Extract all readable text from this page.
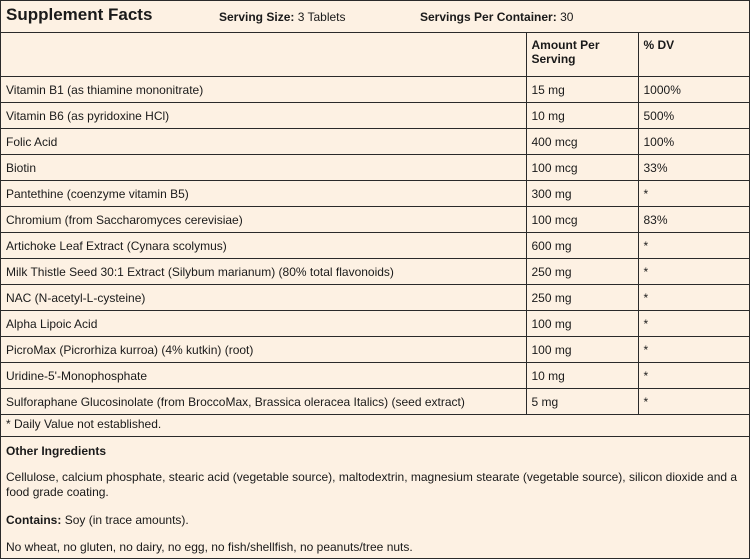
Supplement Facts	Serving Size: 3 Tablets	Servings Per Container: 30
	Amount Per Serving	% DV
Vitamin B1 (as thiamine mononitrate)	15 mg	1000%
Vitamin B6 (as pyridoxine HCl)	10 mg	500%
Folic Acid	400 mcg	100%
Biotin	100 mcg	33%
Pantethine (coenzyme vitamin B5)	300 mg	*
Chromium (from Saccharomyces cerevisiae)	100 mcg	83%
Artichoke Leaf Extract (Cynara scolymus)	600 mg	*
Milk Thistle Seed 30:1 Extract (Silybum marianum) (80% total flavonoids)	250 mg	*
NAC (N-acetyl-L-cysteine)	250 mg	*
Alpha Lipoic Acid	100 mg	*
PicroMax (Picrorhiza kurroa) (4% kutkin) (root)	100 mg	*
Uridine-5'-Monophosphate	10 mg	*
Sulforaphane Glucosinolate (from BroccoMax, Brassica oleracea Italics) (seed extract)	5 mg	*
* Daily Value not established.
Other Ingredients
Cellulose, calcium phosphate, stearic acid (vegetable source), maltodextrin, magnesium stearate (vegetable source), silicon dioxide and a food grade coating.
Contains: Soy (in trace amounts).
No wheat, no gluten, no dairy, no egg, no fish/shellfish, no peanuts/tree nuts.
